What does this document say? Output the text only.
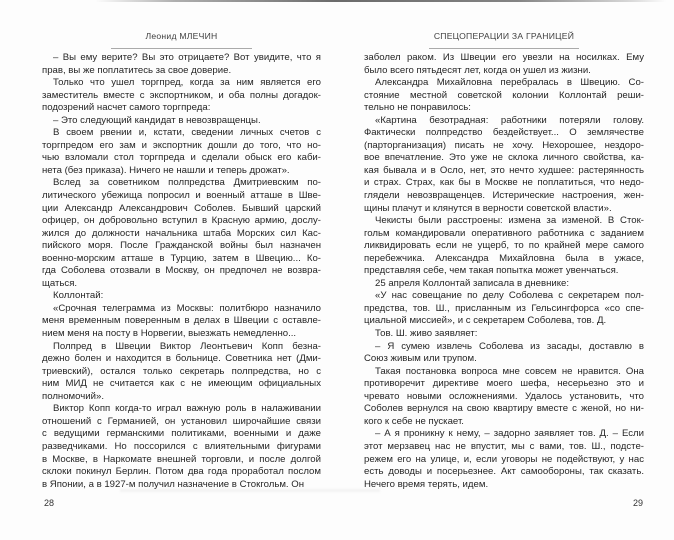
Леонид МЛЕЧИН

– Вы ему верите? Вы это отрицаете? Вот увидите, что я
прав, вы же поплатитесь за свое доверие.

Только что ушел торгпред, когда за ним является его
заместитель вместе с экспортником, и оба полны догадок-
подозрений насчет самого торгпреда:

– Это следующий кандидат в невозвращенцы.

В своем рвении и, кстати, сведении личных счетов с
торгпредом его зам и экспортник дошли до того, что но-
чью взломали стол торгпреда и сделали обыск его каби-
нета (без приказа). Ничего не нашли и теперь дрожат».

Вслед за советником полпредства Дмитриевским по-
литического убежища попросил и военный атташе в Шве-
ции Александр Александрович Соболев. Бывший царский
офицер, он добровольно вступил в Красную армию, дослу-
жился до должности начальника штаба Морских сил Кас-
пийского моря. После Гражданской войны был назначен
военно-морским атташе в Турцию, затем в Швецию... Ко-
гда Соболева отозвали в Москву, он предпочел не возвра-
щаться.

Коллонтай:

«Срочная телеграмма из Москвы: политбюро назначило
меня временным поверенным в делах в Швеции с оставле-
нием меня на посту в Норвегии, выезжать немедленно...

Полпред в Швеции Виктор Леонтьевич Копп безна-
дежно болен и находится в больнице. Советника нет (Дми-
триевский), остался только секретарь полпредства, но с
ним МИД не считается как с не имеющим официальных
полномочий».

Виктор Копп когда-то играл важную роль в налаживании
отношений с Германией, он установил широчайшие связи
с ведущими германскими политиками, военными и даже
разведчиками. Но поссорился с влиятельными фигурами
в Москве, в Наркомате внешней торговли, и после долгой
склоки покинул Берлин. Потом два года проработал послом
в Японии, а в 1927-м получил назначение в Стокгольм. Он

28
СПЕЦОПЕРАЦИИ ЗА ГРАНИЦЕЙ

заболел раком. Из Швеции его увезли на носилках. Ему
было всего пятьдесят лет, когда он ушел из жизни.

Александра Михайловна перебралась в Швецию. Со-
стояние местной советской колонии Коллонтай реши-
тельно не понравилось:

«Картина безотрадная: работники потеряли голову.
Фактически полпредство бездействует... О землячестве
(парторганизация) писать не хочу. Нехорошее, нездоро-
вое впечатление. Это уже не склока личного свойства, ка-
кая бывала и в Осло, нет, это нечто худшее: растерянность
и страх. Страх, как бы в Москве не поплатиться, что недо-
глядели невозвращенцев. Истерические настроения, жен-
щины плачут и клянутся в верности советской власти».

Чекисты были расстроены: измена за изменой. В Сток-
гольм командировали оперативного работника с заданием
ликвидировать если не ущерб, то по крайней мере самого
перебежчика. Александра Михайловна была в ужасе,
представляя себе, чем такая попытка может увенчаться.

25 апреля Коллонтай записала в дневнике:

«У нас совещание по делу Соболева с секретарем пол-
предства, тов. Ш., присланным из Гельсингфорса «со спе-
циальной миссией», и с секретарем Соболева, тов. Д.

Тов. Ш. живо заявляет:

– Я сумею извлечь Соболева из засады, доставлю в
Союз живым или трупом.

Такая постановка вопроса мне совсем не нравится. Она
противоречит директиве моего шефа, несерьезно это и
чревато новыми осложнениями. Удалось установить, что
Соболев вернулся на свою квартиру вместе с женой, но ни-
кого к себе не пускает.

– А я проникну к нему, – задорно заявляет тов. Д. – Если
этот мерзавец нас не впустит, мы с вами, тов. Ш., подсте-
режем его на улице, и, если уговоры не подействуют, у нас
есть доводы и посерьезнее. Акт самообороны, так сказать.
Нечего время терять, идем.

29
